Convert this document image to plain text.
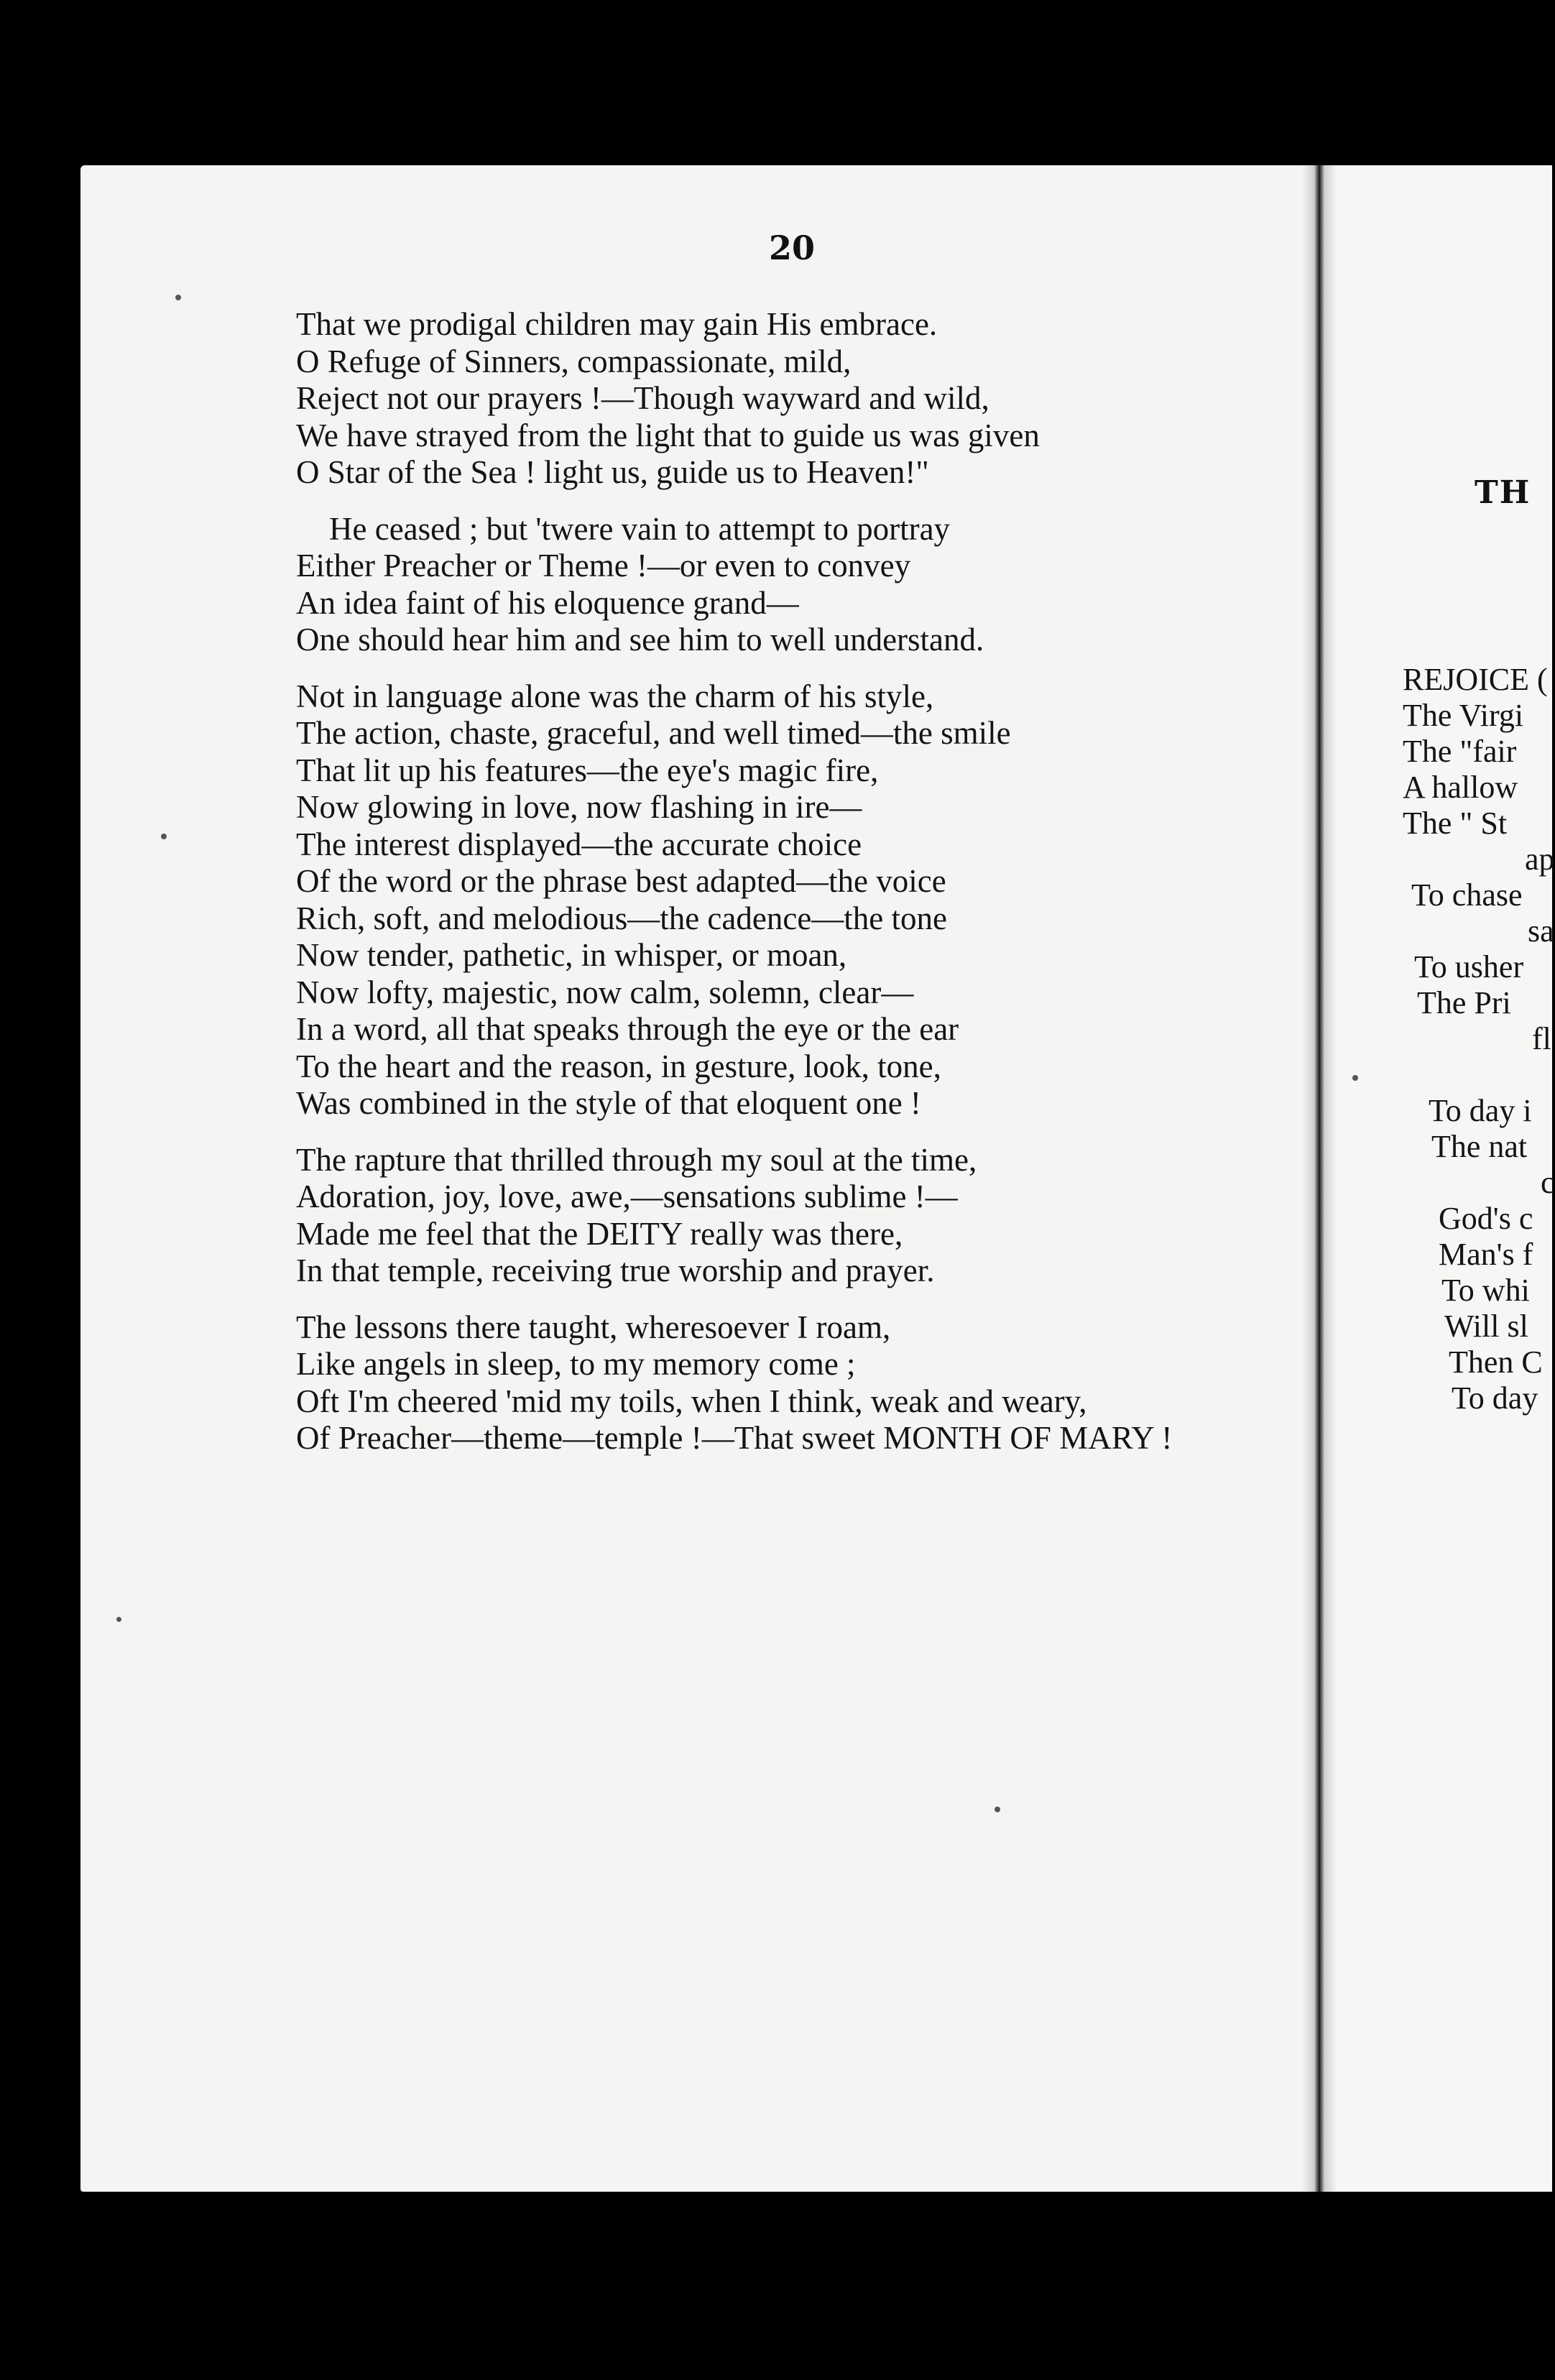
20
That we prodigal children may gain His embrace.
O Refuge of Sinners, compassionate, mild,
Reject not our prayers !—Though wayward and wild,
We have strayed from the light that to guide us was given
O Star of the Sea ! light us, guide us to Heaven!"
He ceased ; but 'twere vain to attempt to portray
Either Preacher or Theme !—or even to convey
An idea faint of his eloquence grand—
One should hear him and see him to well understand.
Not in language alone was the charm of his style,
The action, chaste, graceful, and well timed—the smile
That lit up his features—the eye's magic fire,
Now glowing in love, now flashing in ire—
The interest displayed—the accurate choice
Of the word or the phrase best adapted—the voice
Rich, soft, and melodious—the cadence—the tone
Now tender, pathetic, in whisper, or moan,
Now lofty, majestic, now calm, solemn, clear—
In a word, all that speaks through the eye or the ear
To the heart and the reason, in gesture, look, tone,
Was combined in the style of that eloquent one !
The rapture that thrilled through my soul at the time,
Adoration, joy, love, awe,—sensations sublime !—
Made me feel that the DEITY really was there,
In that temple, receiving true worship and prayer.
The lessons there taught, wheresoever I roam,
Like angels in sleep, to my memory come ;
Oft I'm cheered 'mid my toils, when I think, weak and weary,
Of Preacher—theme—temple !—That sweet MONTH OF MARY !
TH
REJOICE (
The Virgi
The "fair
A hallow
The " St
ap
To chase
sa
To usher
The Pri
fl
To day i
The nat
c
God's c
Man's f
To whi
Will sl
Then C
To day
